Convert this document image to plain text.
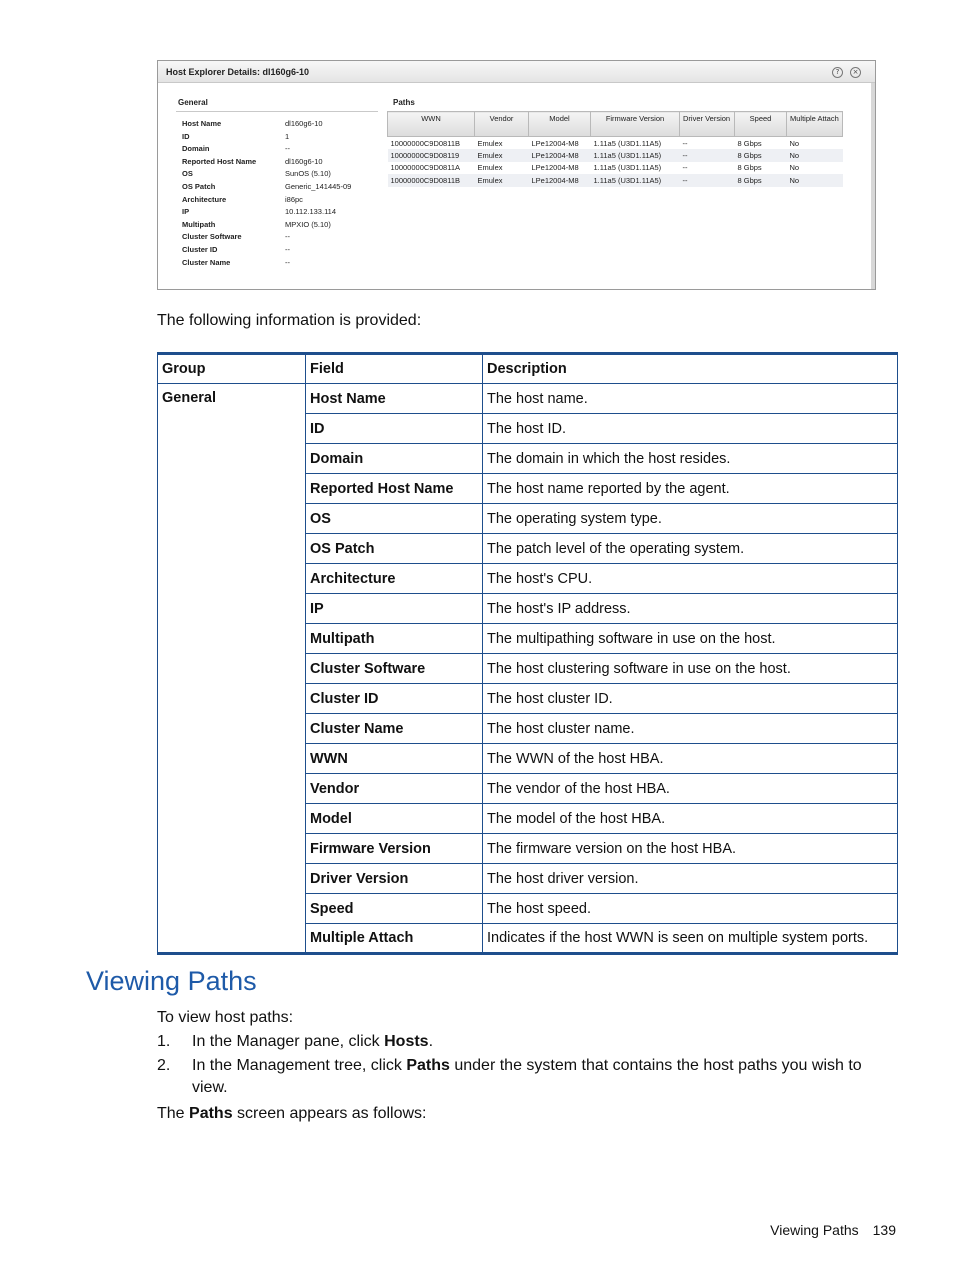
Host Explorer Details: dl160g6-10	?	×
General
Host Name	dl160g6-10
ID	1
Domain	--
Reported Host Name	dl160g6-10
OS	SunOS (5.10)
OS Patch	Generic_141445-09
Architecture	i86pc
IP	10.112.133.114
Multipath	MPXIO (5.10)
Cluster Software	--
Cluster ID	--
Cluster Name	--
Paths
WWN	Vendor	Model	Firmware Version	Driver Version	Speed	Multiple Attach
10000000C9D0811B	Emulex	LPe12004-M8	1.11a5 (U3D1.11A5)	--	8 Gbps	No
10000000C9D08119	Emulex	LPe12004-M8	1.11a5 (U3D1.11A5)	--	8 Gbps	No
10000000C9D0811A	Emulex	LPe12004-M8	1.11a5 (U3D1.11A5)	--	8 Gbps	No
10000000C9D0811B	Emulex	LPe12004-M8	1.11a5 (U3D1.11A5)	--	8 Gbps	No
The following information is provided:
Group	Field	Description
General	Host Name	The host name.
	ID	The host ID.
	Domain	The domain in which the host resides.
	Reported Host Name	The host name reported by the agent.
	OS	The operating system type.
	OS Patch	The patch level of the operating system.
	Architecture	The host's CPU.
	IP	The host's IP address.
	Multipath	The multipathing software in use on the host.
	Cluster Software	The host clustering software in use on the host.
	Cluster ID	The host cluster ID.
	Cluster Name	The host cluster name.
	WWN	The WWN of the host HBA.
	Vendor	The vendor of the host HBA.
	Model	The model of the host HBA.
	Firmware Version	The firmware version on the host HBA.
	Driver Version	The host driver version.
	Speed	The host speed.
	Multiple Attach	Indicates if the host WWN is seen on multiple system ports.
Viewing Paths
To view host paths:
1. In the Manager pane, click Hosts.
2. In the Management tree, click Paths under the system that contains the host paths you wish to view.
The Paths screen appears as follows:
Viewing Paths 139
